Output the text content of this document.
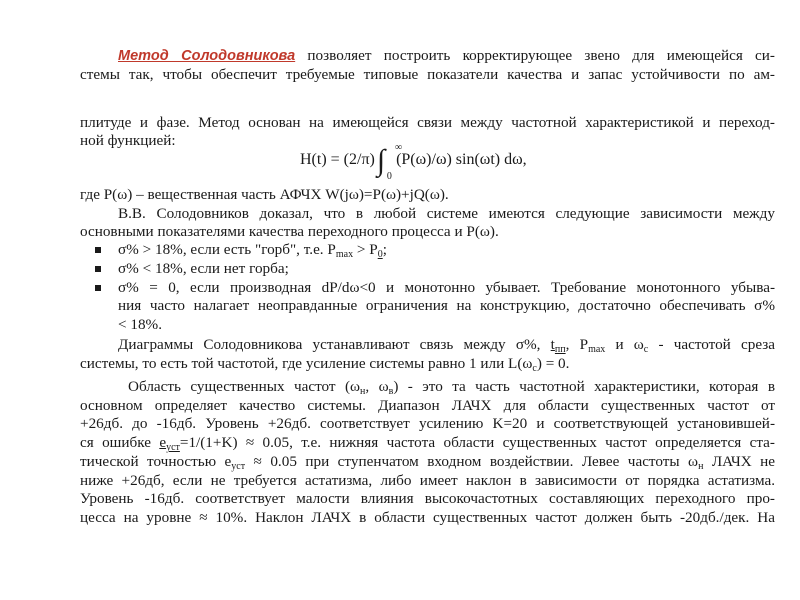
Метод Солодовникова позволяет построить корректирующее звено для имеющейся си-
стемы так, чтобы обеспечит требуемые типовые показатели качества и запас устойчивости по ам-
плитуде и фазе. Метод основан на имеющейся связи между частотной характеристикой и переход-
ной функцией:
H(t) = (2/π)∫ ∞
0
(P(ω)/ω) sin(ωt) dω,
где P(ω) – вещественная часть АФЧХ W(jω)=P(ω)+jQ(ω).
В.В. Солодовников доказал, что в любой системе имеются следующие зависимости между
основными показателями качества переходного процесса и P(ω).
σ% > 18%, если есть "горб", т.е. $P_{max} > P_0$;
σ% < 18%, если нет горба;
σ% = 0, если производная dP/dω<0 и монотонно убывает. Требование монотонного убыва-
ния часто налагает неоправданные ограничения на конструкцию, достаточно обеспечивать σ%
< 18%.
Диаграммы Солодовникова устанавливают связь между σ%, $t_{пп}$, $P_{max}$ и $\omega_с$ - частотой среза
системы, то есть той частотой, где усиление системы равно 1 или $L(\omega_с) = 0$.
Область существенных частот ($\omega_н$, $\omega_в$) - это та часть частотной характеристики, которая в
основном определяет качество системы. Диапазон ЛАЧХ для области существенных частот от
+26дб. до -16дб. Уровень +26дб. соответствует усилению K=20 и соответствующей установившей-
ся ошибке $e_{уст}=1/(1+K) \approx 0.05$, т.е. нижняя частота области существенных частот определяется ста-
тической точностью $e_{уст} \approx 0.05$ при ступенчатом входном воздействии. Левее частоты $\omega_н$ ЛАЧХ не
ниже +26дб, если не требуется астатизма, либо имеет наклон в зависимости от порядка астатизма.
Уровень -16дб. соответствует малости влияния высокочастотных составляющих переходного про-
цесса на уровне ≈ 10%. Наклон ЛАЧХ в области существенных частот должен быть -20дб./дек. На
